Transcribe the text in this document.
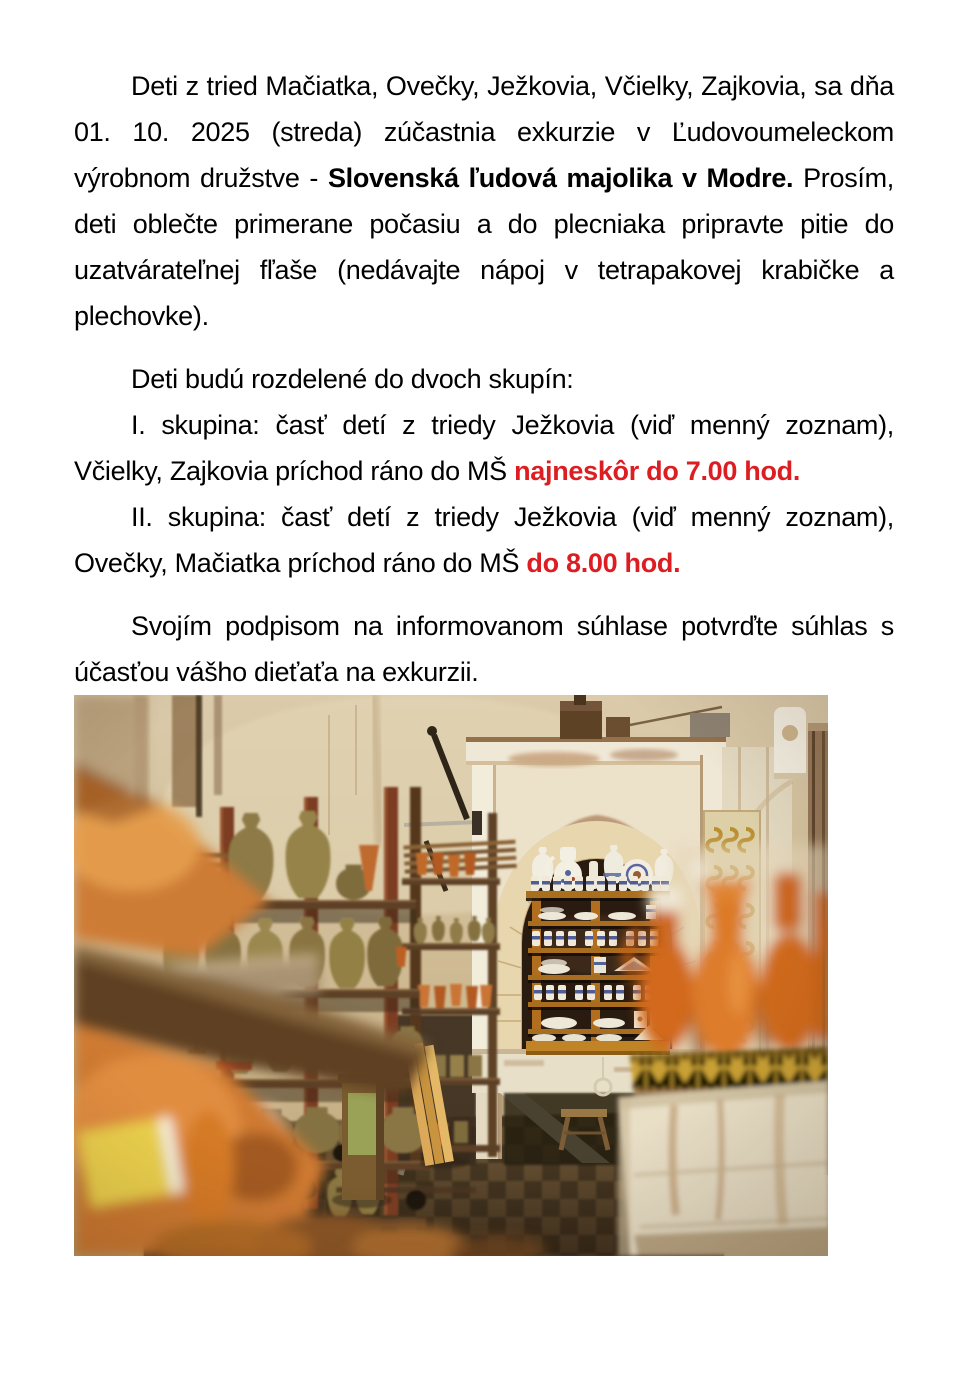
Deti z tried Mačiatka, Ovečky, Ježkovia, Včielky, Zajkovia, sa dňa 01. 10. 2025 (streda) zúčastnia exkurzie v Ľudovoumeleckom výrobnom družstve - Slovenská ľudová majolika v Modre. Prosím, deti oblečte primerane počasiu a do plecniaka pripravte pitie do uzatvárateľnej fľaše (nedávajte nápoj v tetrapakovej krabičke a plechovke).

Deti budú rozdelené do dvoch skupín:

I. skupina: časť detí z triedy Ježkovia (viď menný zoznam), Včielky, Zajkovia príchod ráno do MŠ najneskôr do 7.00 hod.

II. skupina: časť detí z triedy Ježkovia (viď menný zoznam), Ovečky, Mačiatka príchod ráno do MŠ do 8.00 hod.

Svojím podpisom na informovanom súhlase potvrďte súhlas s účasťou vášho dieťaťa na exkurzii.
